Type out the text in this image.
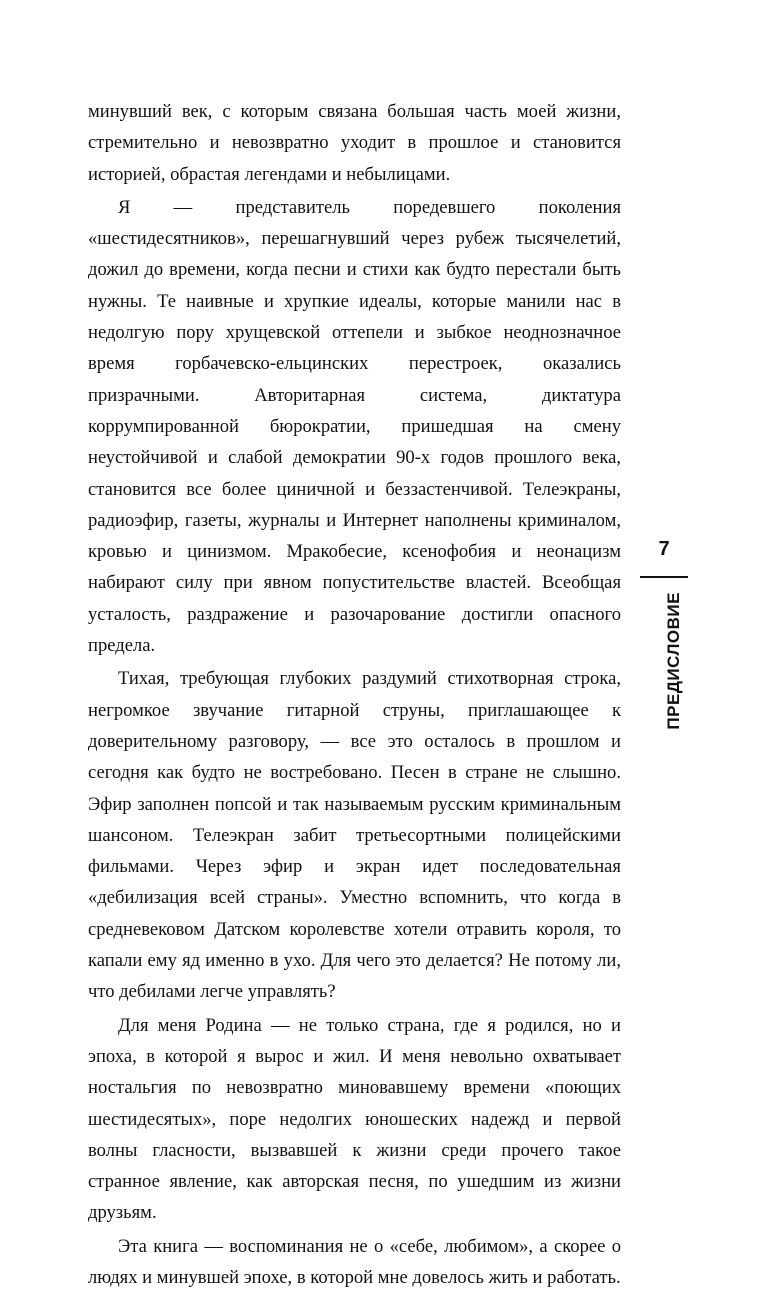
минувший век, с которым связана большая часть моей жизни, стремительно и невозвратно уходит в прошлое и становится историей, обрастая легендами и небылицами.

Я — представитель поредевшего поколения «шестидесятников», перешагнувший через рубеж тысячелетий, дожил до времени, когда песни и стихи как будто перестали быть нужны. Те наивные и хрупкие идеалы, которые манили нас в недолгую пору хрущевской оттепели и зыбкое неоднозначное время горбачевско-ельцинских перестроек, оказались призрачными. Авторитарная система, диктатура коррумпированной бюрократии, пришедшая на смену неустойчивой и слабой демократии 90-х годов прошлого века, становится все более циничной и беззастенчивой. Телеэкраны, радиоэфир, газеты, журналы и Интернет наполнены криминалом, кровью и цинизмом. Мракобесие, ксенофобия и неонацизм набирают силу при явном попустительстве властей. Всеобщая усталость, раздражение и разочарование достигли опасного предела.

Тихая, требующая глубоких раздумий стихотворная строка, негромкое звучание гитарной струны, приглашающее к доверительному разговору, — все это осталось в прошлом и сегодня как будто не востребовано. Песен в стране не слышно. Эфир заполнен попсой и так называемым русским криминальным шансоном. Телеэкран забит третьесортными полицейскими фильмами. Через эфир и экран идет последовательная «дебилизация всей страны». Уместно вспомнить, что когда в средневековом Датском королевстве хотели отравить короля, то капали ему яд именно в ухо. Для чего это делается? Не потому ли, что дебилами легче управлять?

Для меня Родина — не только страна, где я родился, но и эпоха, в которой я вырос и жил. И меня невольно охватывает ностальгия по невозвратно миновавшему времени «поющих шестидесятых», поре недолгих юношеских надежд и первой волны гласности, вызвавшей к жизни среди прочего такое странное явление, как авторская песня, по ушедшим из жизни друзьям.

Эта книга — воспоминания не о «себе, любимом», а скорее о людях и минувшей эпохе, в которой мне довелось жить и работать.

7
ПРЕДИСЛОВИЕ
